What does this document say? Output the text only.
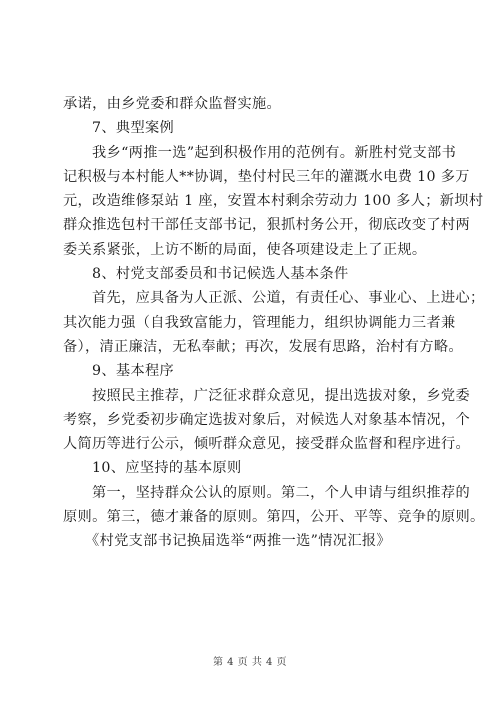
承诺，由乡党委和群众监督实施。
7、典型案例
我乡“两推一选”起到积极作用的范例有。新胜村党支部书
记积极与本村能人**协调，垫付村民三年的灌溉水电费 10 多万
元，改造维修泵站 1 座，安置本村剩余劳动力 100 多人；新坝村
群众推选包村干部任支部书记，狠抓村务公开，彻底改变了村两
委关系紧张，上访不断的局面，使各项建设走上了正规。
8、村党支部委员和书记候选人基本条件
首先，应具备为人正派、公道，有责任心、事业心、上进心；
其次能力强（自我致富能力，管理能力，组织协调能力三者兼
备），清正廉洁，无私奉献；再次，发展有思路，治村有方略。
9、基本程序
按照民主推荐，广泛征求群众意见，提出选拔对象，乡党委
考察，乡党委初步确定选拔对象后，对候选人对象基本情况，个
人简历等进行公示，倾听群众意见，接受群众监督和程序进行。
10、应坚持的基本原则
第一，坚持群众公认的原则。第二，个人申请与组织推荐的
原则。第三，德才兼备的原则。第四，公开、平等、竞争的原则。
《村党支部书记换届选举“两推一选”情况汇报》
第 4 页 共 4 页
